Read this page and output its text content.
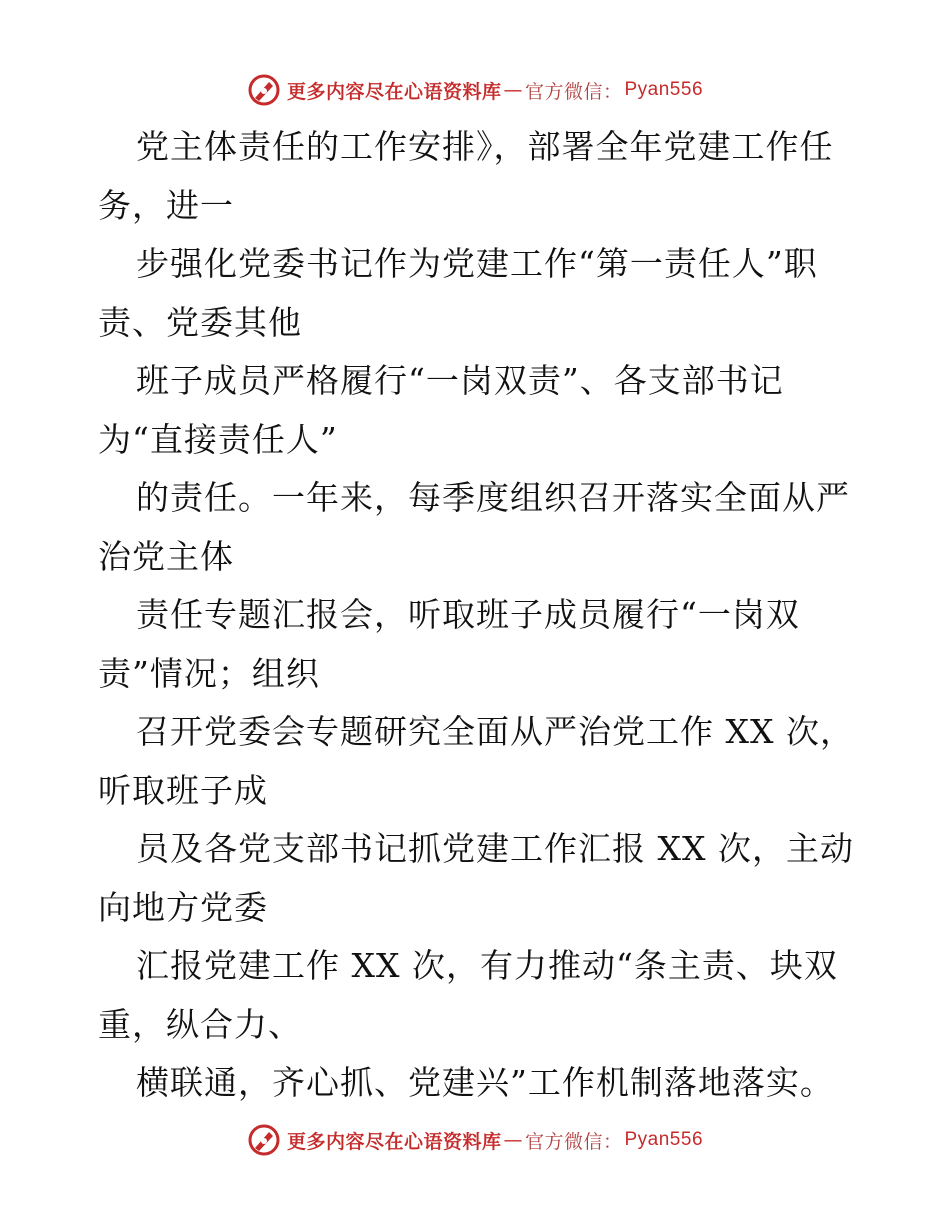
更多内容尽在心语资料库 — 官方微信： Pyan556
党主体责任的工作安排》，部署全年党建工作任
务，进一
步强化党委书记作为党建工作“第一责任人”职
责、党委其他
班子成员严格履行“一岗双责”、各支部书记
为“直接责任人”
的责任。一年来，每季度组织召开落实全面从严
治党主体
责任专题汇报会，听取班子成员履行“一岗双
责”情况；组织
召开党委会专题研究全面从严治党工作 XX 次，
听取班子成
员及各党支部书记抓党建工作汇报 XX 次，主动
向地方党委
汇报党建工作 XX 次，有力推动“条主责、块双
重，纵合力、
横联通，齐心抓、党建兴”工作机制落地落实。
更多内容尽在心语资料库 — 官方微信： Pyan556
